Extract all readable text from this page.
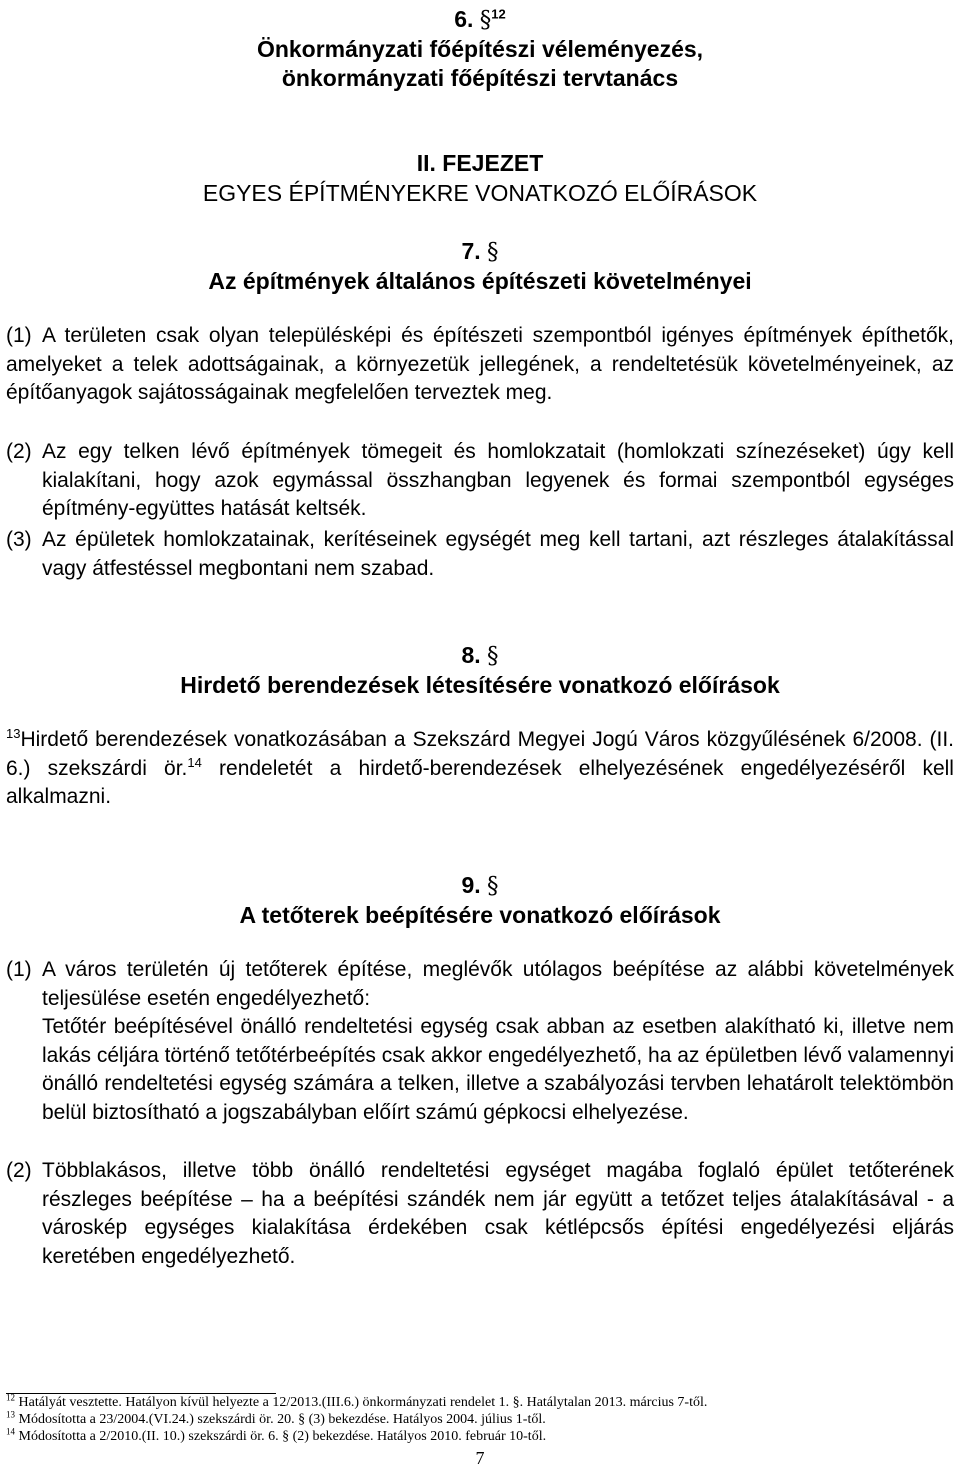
6. §$^{12}$
Önkormányzati főépítészi véleményezés,
önkormányzati főépítészi tervtanács
II. FEJEZET
EGYES ÉPÍTMÉNYEKRE VONATKOZÓ ELŐÍRÁSOK
7. §
Az építmények általános építészeti követelményei
(1) A területen csak olyan településképi és építészeti szempontból igényes építmények építhetők, amelyeket a telek adottságainak, a környezetük jellegének, a rendeltetésük követelményeinek, az építőanyagok sajátosságainak megfelelően terveztek meg.
(2) Az egy telken lévő építmények tömegeit és homlokzatait (homlokzati színezéseket) úgy kell kialakítani, hogy azok egymással összhangban legyenek és formai szempontból egységes építmény-együttes hatását keltsék.
(3) Az épületek homlokzatainak, kerítéseinek egységét meg kell tartani, azt részleges átalakítással vagy átfestéssel megbontani nem szabad.
8. §
Hirdető berendezések létesítésére vonatkozó előírások
$^{13}$Hirdető berendezések vonatkozásában a Szekszárd Megyei Jogú Város közgyűlésének 6/2008. (II. 6.) szekszárdi ör.$^{14}$ rendeletét a hirdető-berendezések elhelyezésének engedélyezéséről kell alkalmazni.
9. §
A tetőterek beépítésére vonatkozó előírások
(1) A város területén új tetőterek építése, meglévők utólagos beépítése az alábbi követelmények teljesülése esetén engedélyezhető:
Tetőtér beépítésével önálló rendeltetési egység csak abban az esetben alakítható ki, illetve nem lakás céljára történő tetőtérbeépítés csak akkor engedélyezhető, ha az épületben lévő valamennyi önálló rendeltetési egység számára a telken, illetve a szabályozási tervben lehatárolt telektömbön belül biztosítható a jogszabályban előírt számú gépkocsi elhelyezése.
(2) Többlakásos, illetve több önálló rendeltetési egységet magába foglaló épület tetőterének részleges beépítése – ha a beépítési szándék nem jár együtt a tetőzet teljes átalakításával - a városkép egységes kialakítása érdekében csak kétlépcsős építési engedélyezési eljárás keretében engedélyezhető.
$^{12}$ Hatályát vesztette. Hatályon kívül helyezte a 12/2013.(III.6.) önkormányzati rendelet 1. §. Hatálytalan 2013. március 7-től.
$^{13}$ Módosította a 23/2004.(VI.24.) szekszárdi ör. 20. § (3) bekezdése. Hatályos 2004. július 1-től.
$^{14}$ Módosította a 2/2010.(II. 10.) szekszárdi ör. 6. § (2) bekezdése. Hatályos 2010. február 10-től.
7
